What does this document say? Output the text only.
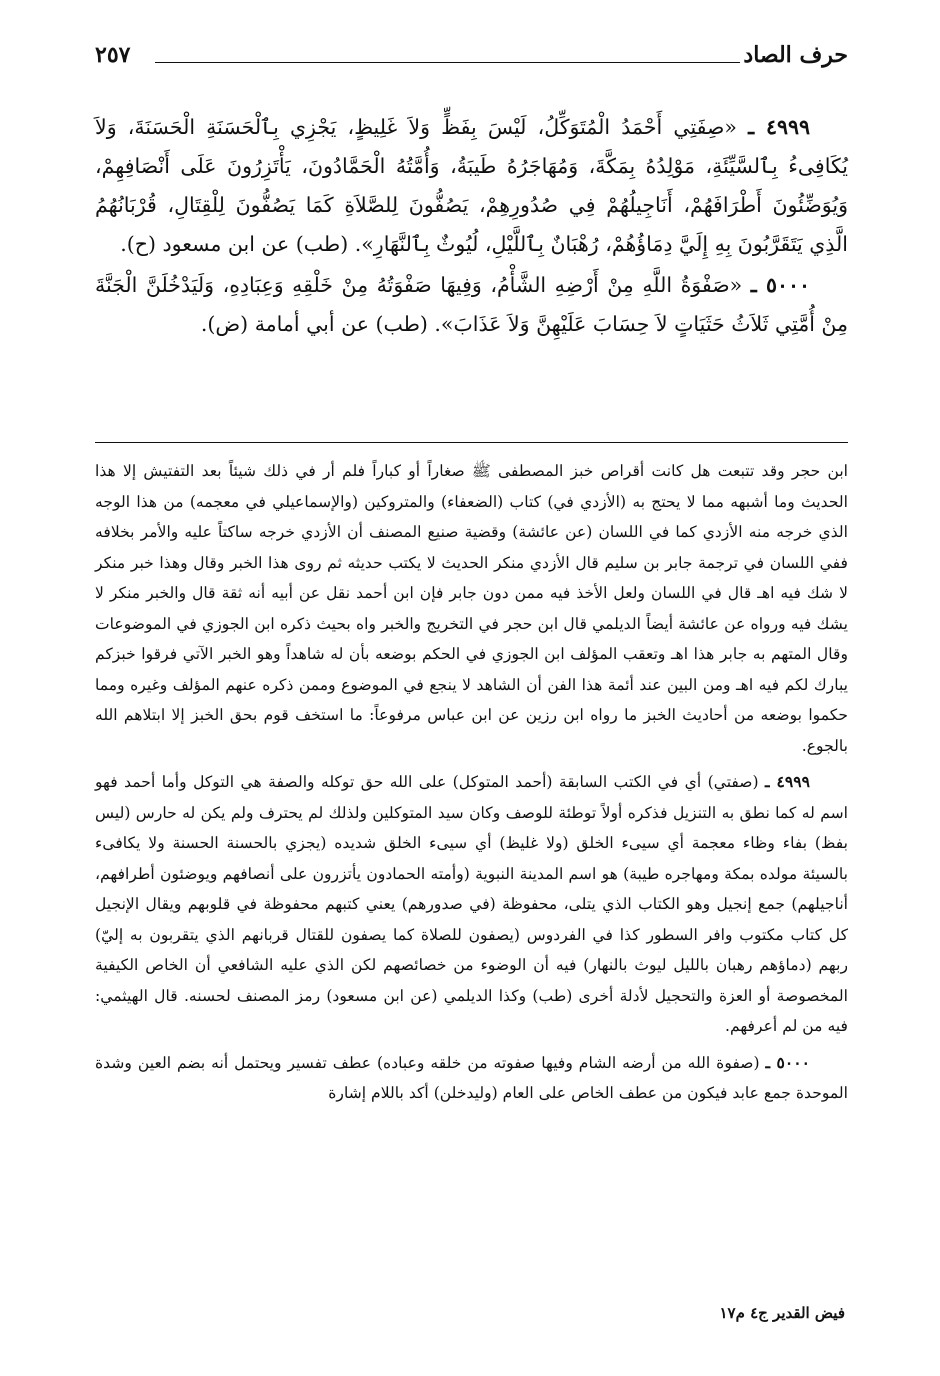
حرف الصاد
٢٥٧

٤٩٩٩ ـ «صِفَتِي أَحْمَدُ الْمُتَوَكِّلُ، لَيْسَ بِفَظٍّ وَلاَ غَلِيظٍ، يَجْزِي بِٱلْحَسَنَةِ الْحَسَنَةَ، وَلاَ يُكَافِىءُ بِٱلسَّيِّئَةِ، مَوْلِدُهُ بِمَكَّةَ، وَمُهَاجَرُهُ طَيبَةُ، وَأُمَّتُهُ الْحَمَّادُونَ، يَأْتَزِرُونَ عَلَى أَنْصَافِهِمْ، وَيُوَضِّئُونَ أَطْرَافَهُمْ، أَنَاجِيلُهُمْ فِي صُدُورِهِمْ، يَصُفُّونَ لِلصَّلاَةِ كَمَا يَصُفُّونَ لِلْقِتَالِ، قُرْبَانُهُمُ الَّذِي يَتَقَرَّبُونَ بِهِ إِلَيَّ دِمَاؤُهُمْ، رُهْبَانٌ بِٱللَّيْلِ، لُيُوثٌ بِٱلنَّهَارِ». (طب) عن ابن مسعود (ح).

٥٠٠٠ ـ «صَفْوَةُ اللَّهِ مِنْ أَرْضِهِ الشَّأْمُ، وَفِيهَا صَفْوَتُهُ مِنْ خَلْقِهِ وَعِبَادِهِ، وَلَيَدْخُلَنَّ الْجَنَّةَ مِنْ أُمَّتِي ثَلاَثُ حَثَيَاتٍ لاَ حِسَابَ عَلَيْهِنَّ وَلاَ عَذَابَ». (طب) عن أبي أمامة (ض).

ابن حجر وقد تتبعت هل كانت أقراص خبز المصطفى ﷺ صغاراً أو كباراً فلم أر في ذلك شيئاً بعد التفتيش إلا هذا الحديث وما أشبهه مما لا يحتج به (الأزدي في) كتاب (الضعفاء) والمتروكين (والإسماعيلي في معجمه) من هذا الوجه الذي خرجه منه الأزدي كما في اللسان (عن عائشة) وقضية صنيع المصنف أن الأزدي خرجه ساكتاً عليه والأمر بخلافه ففي اللسان في ترجمة جابر بن سليم قال الأزدي منكر الحديث لا يكتب حديثه ثم روى هذا الخبر وقال وهذا خبر منكر لا شك فيه اهـ قال في اللسان ولعل الأخذ فيه ممن دون جابر فإن ابن أحمد نقل عن أبيه أنه ثقة قال والخبر منكر لا يشك فيه ورواه عن عائشة أيضاً الديلمي قال ابن حجر في التخريج والخبر واه بحيث ذكره ابن الجوزي في الموضوعات وقال المتهم به جابر هذا اهـ وتعقب المؤلف ابن الجوزي في الحكم بوضعه بأن له شاهداً وهو الخبر الآتي فرقوا خبزكم يبارك لكم فيه اهـ ومن البين عند أئمة هذا الفن أن الشاهد لا ينجع في الموضوع وممن ذكره عنهم المؤلف وغيره ومما حكموا بوضعه من أحاديث الخبز ما رواه ابن رزين عن ابن عباس مرفوعاً: ما استخف قوم بحق الخبز إلا ابتلاهم الله بالجوع.

٤٩٩٩ ـ (صفتي) أي في الكتب السابقة (أحمد المتوكل) على الله حق توكله والصفة هي التوكل وأما أحمد فهو اسم له كما نطق به التنزيل فذكره أولاً توطئة للوصف وكان سيد المتوكلين ولذلك لم يحترف ولم يكن له حارس (ليس بفظ) بفاء وظاء معجمة أي سيىء الخلق (ولا غليظ) أي سيىء الخلق شديده (يجزي بالحسنة الحسنة ولا يكافىء بالسيئة مولده بمكة ومهاجره طيبة) هو اسم المدينة النبوية (وأمته الحمادون يأتزرون على أنصافهم ويوضئون أطرافهم، أناجيلهم) جمع إنجيل وهو الكتاب الذي يتلى، محفوظة (في صدورهم) يعني كتبهم محفوظة في قلوبهم ويقال الإنجيل كل كتاب مكتوب وافر السطور كذا في الفردوس (يصفون للصلاة كما يصفون للقتال قربانهم الذي يتقربون به إليّ) ربهم (دماؤهم رهبان بالليل ليوث بالنهار) فيه أن الوضوء من خصائصهم لكن الذي عليه الشافعي أن الخاص الكيفية المخصوصة أو العزة والتحجيل لأدلة أخرى (طب) وكذا الديلمي (عن ابن مسعود) رمز المصنف لحسنه. قال الهيثمي: فيه من لم أعرفهم.

٥٠٠٠ ـ (صفوة الله من أرضه الشام وفيها صفوته من خلقه وعباده) عطف تفسير ويحتمل أنه بضم العين وشدة الموحدة جمع عابد فيكون من عطف الخاص على العام (وليدخلن) أكد باللام إشارة

فيض القدير ج٤ م١٧
